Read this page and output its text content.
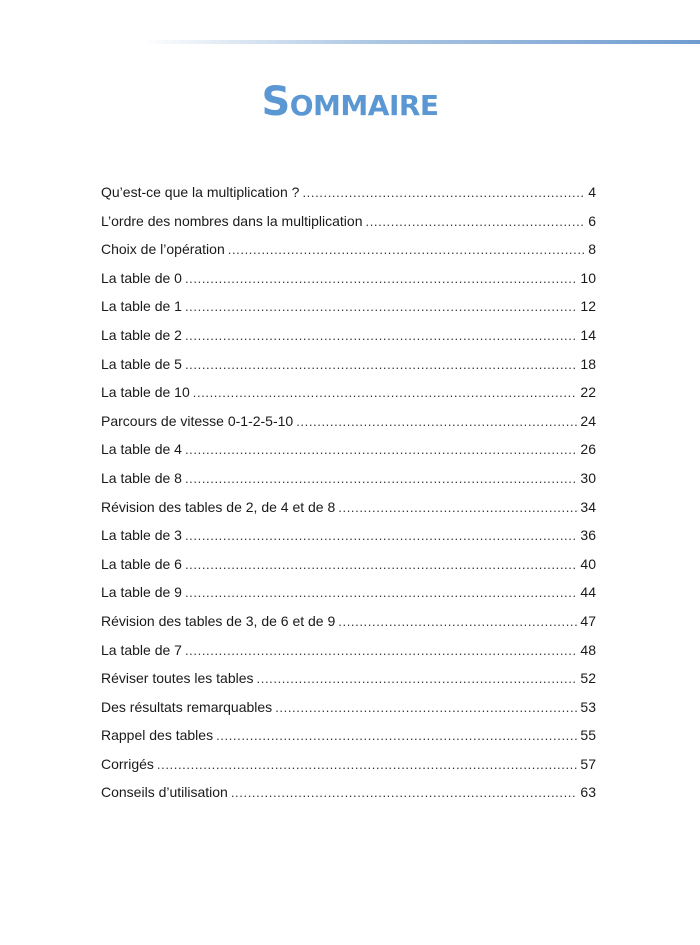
Sommaire
Qu’est-ce que la multiplication ? .....	4
L’ordre des nombres dans la multiplication .....	6
Choix de l’opération .....	8
La table de 0 .....	10
La table de 1 .....	12
La table de 2 .....	14
La table de 5 .....	18
La table de 10 .....	22
Parcours de vitesse 0-1-2-5-10 .....	24
La table de 4 .....	26
La table de 8 .....	30
Révision des tables de 2, de 4 et de 8 .....	34
La table de 3 .....	36
La table de 6 .....	40
La table de 9 .....	44
Révision des tables de 3, de 6 et de 9 .....	47
La table de 7 .....	48
Réviser toutes les tables .....	52
Des résultats remarquables .....	53
Rappel des tables .....	55
Corrigés .....	57
Conseils d’utilisation .....	63
